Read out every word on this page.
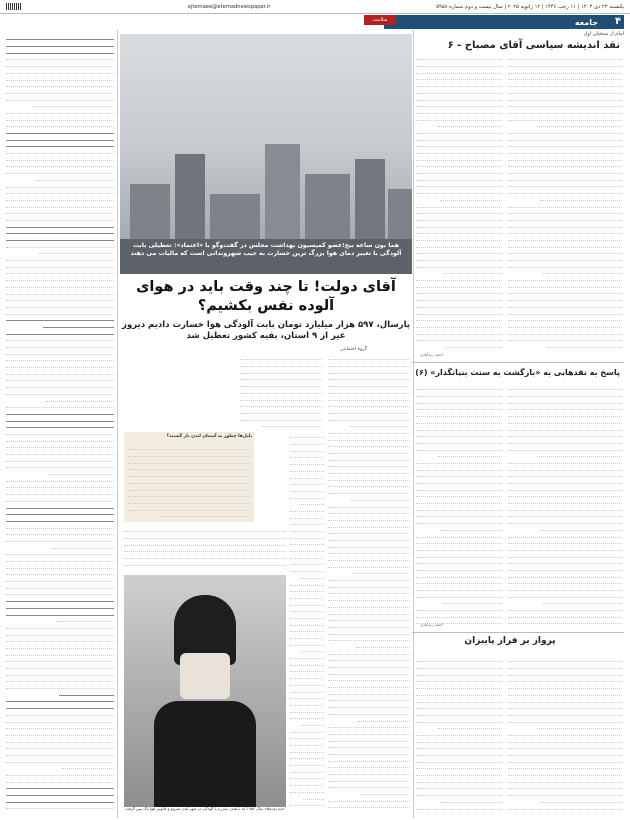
یکشنبه ۲۳ دی ۱۴۰۳ | ۱۱ رجب ۱۴۴۶ | ۱۲ ژانویه ۲۰۲۵ | سال بیست و دوم شماره ۵۹۵۸
ejtemaee@etemadnewspaper.ir
۴
جامعه
سلامت
امام از منتخبان اول
نقد اندیشه سیاسی آقای مصباح - ۶
احمد زیدآبادی
پاسخ به نقدهایی به «بازگشت به سنت بنیانگذار» (۶)
احمد زیدآبادی
پرواز بر فراز پاییزان
هما بون ساعه بیخ؛عضو کمیسیون بهداشت مجلس در گفت‌وگو با «اعتماد»: تعطیلی بابت آلودگی با تغییر دمای هوا بزرگ ترین خسارت به جیب شهروندانی است که مالیات می دهند
آقای دولت! تا چند وقت باید در هوای آلوده نفس بکشیم؟
پارسال، ۵۹۷ هزار میلیارد تومان بابت آلودگی هوا خسارت دادیم دیروز غیر از ۹ استان، بقیه کشور تعطیل شد
گروه اجتماعی
بلبل‌ها چطور به آسمان لندن باز گشتند؟
«مه دوده‌ها» سال ۱۹۵۲ که با هدف مبارزه با آلودگی در شهر لندن شروع و قانونی هوا پاک پس گرفت
